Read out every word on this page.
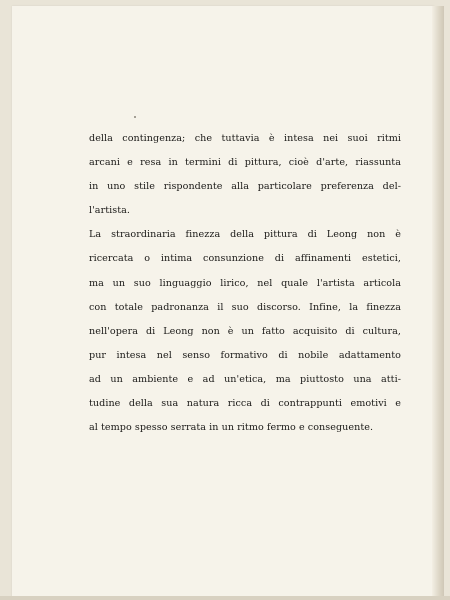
della contingenza; che tuttavia è intesa nei suoi ritmi
arcani e resa in termini di pittura, cioè d'arte, riassunta
in uno stile rispondente alla particolare preferenza del-
l'artista.
La straordinaria finezza della pittura di Leong non è
ricercata o intima consunzione di affinamenti estetici,
ma un suo linguaggio lirico, nel quale l'artista articola
con totale padronanza il suo discorso. Infine, la finezza
nell'opera di Leong non è un fatto acquisito di cultura,
pur intesa nel senso formativo di nobile adattamento
ad un ambiente e ad un'etica, ma piuttosto una atti-
tudine della sua natura ricca di contrappunti emotivi e
al tempo spesso serrata in un ritmo fermo e conseguente.
